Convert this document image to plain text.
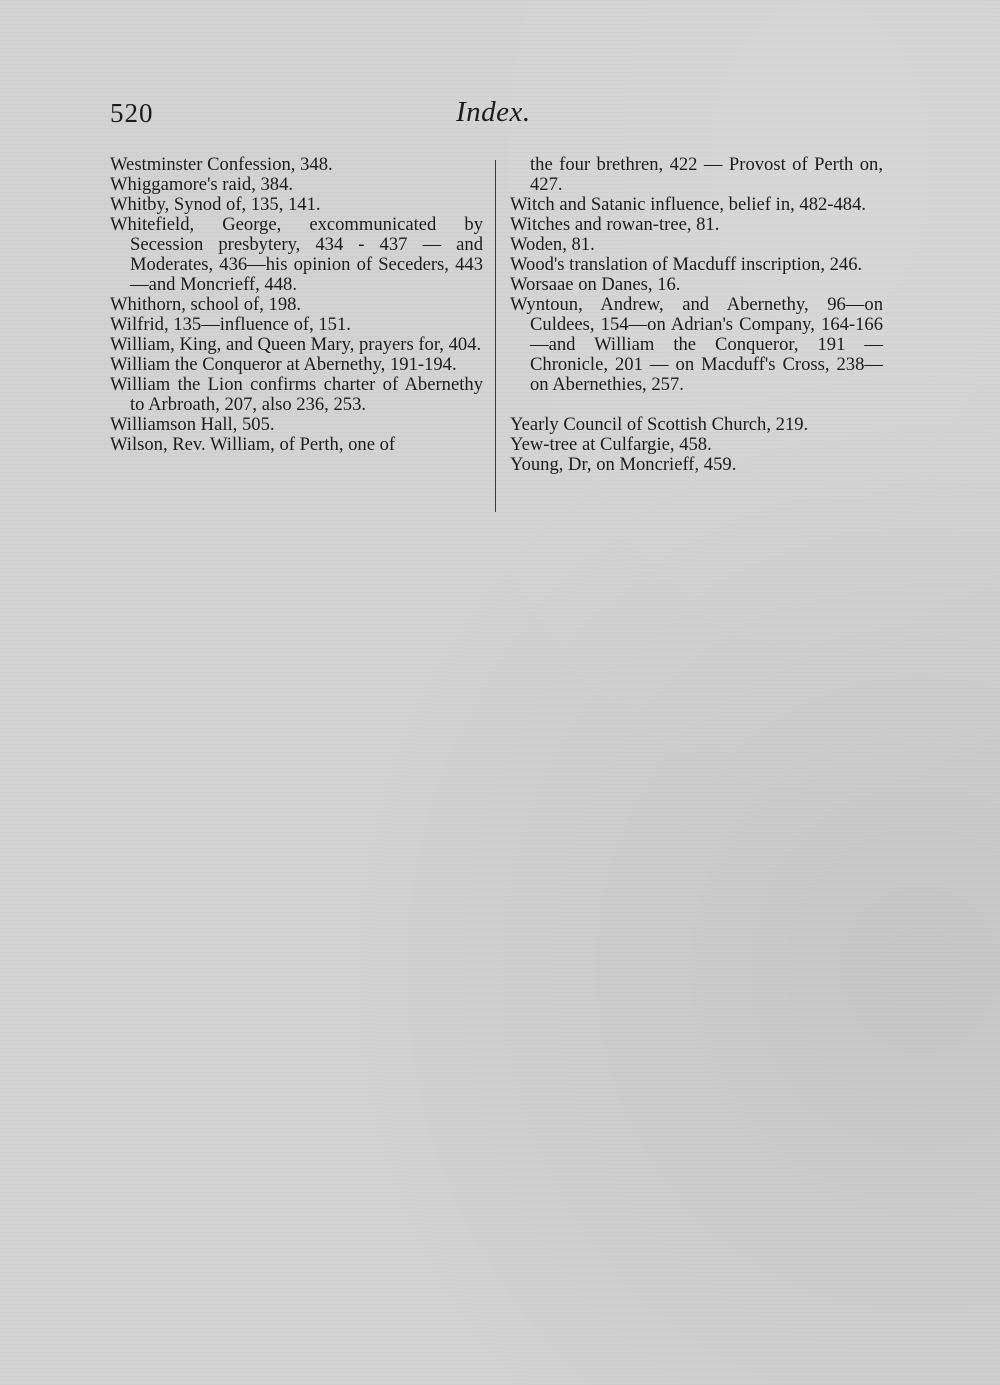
520	Index.

Westminster Confession, 348.

Whiggamore's raid, 384.

Whitby, Synod of, 135, 141.

Whitefield, George, excommunicated by Secession presbytery, 434 - 437 — and Moderates, 436—his opinion of Seceders, 443—and Moncrieff, 448.

Whithorn, school of, 198.

Wilfrid, 135—influence of, 151.

William, King, and Queen Mary, prayers for, 404.

William the Conqueror at Abernethy, 191-194.

William the Lion confirms charter of Abernethy to Arbroath, 207, also 236, 253.

Williamson Hall, 505.

Wilson, Rev. William, of Perth, one of

the four brethren, 422 — Provost of Perth on, 427.

Witch and Satanic influence, belief in, 482-484.

Witches and rowan-tree, 81.

Woden, 81.

Wood's translation of Macduff inscription, 246.

Worsaae on Danes, 16.

Wyntoun, Andrew, and Abernethy, 96—on Culdees, 154—on Adrian's Company, 164-166—and William the Conqueror, 191 — Chronicle, 201 — on Macduff's Cross, 238—on Abernethies, 257.

Yearly Council of Scottish Church, 219.

Yew-tree at Culfargie, 458.

Young, Dr, on Moncrieff, 459.
